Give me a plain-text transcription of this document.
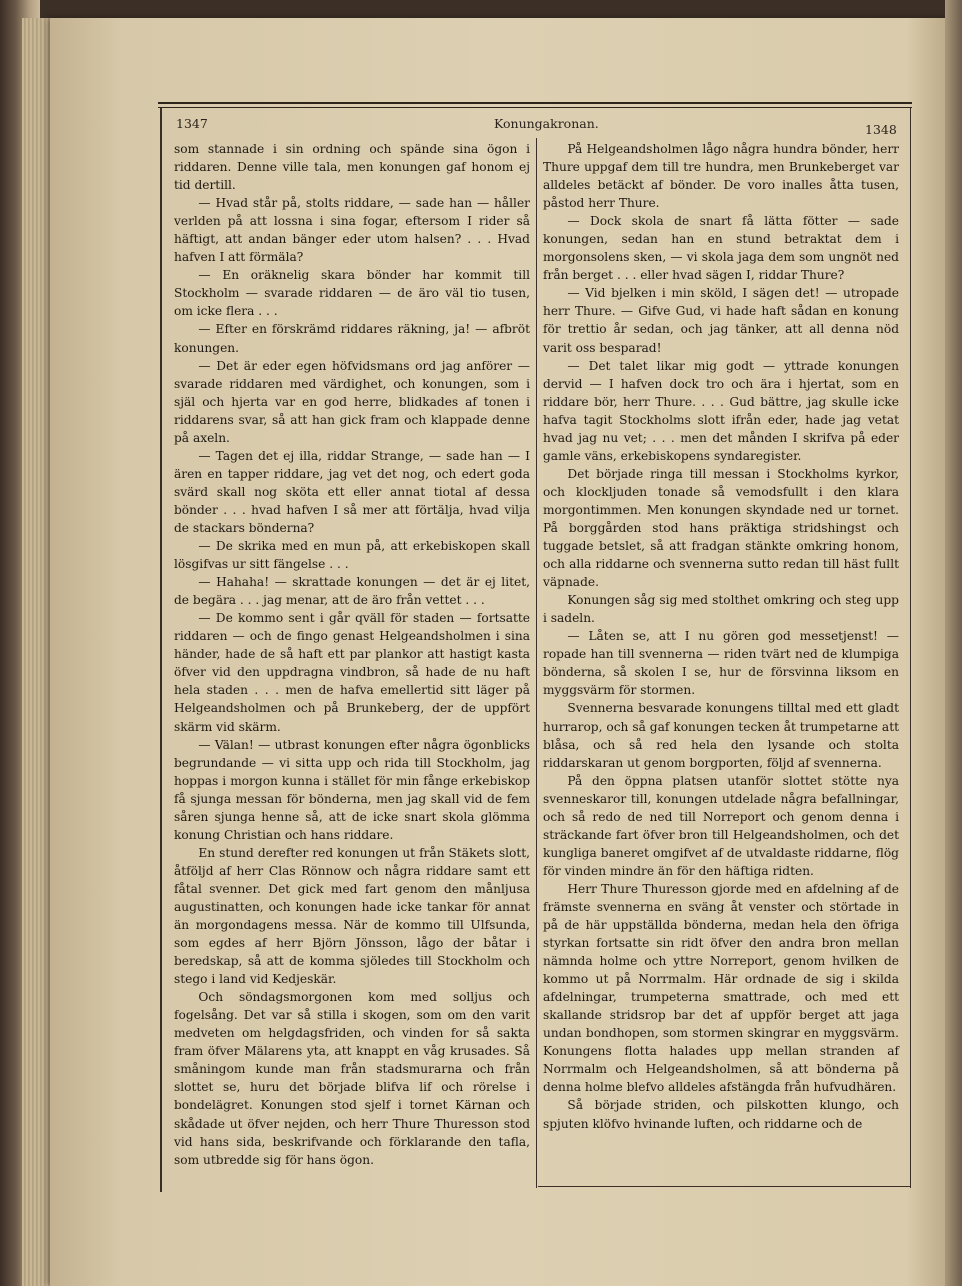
1347	Konungakronan.	1348

som stannade i sin ordning och spände sina ögon i riddaren. Denne ville tala, men konungen gaf honom ej tid dertill.

— Hvad står på, stolts riddare, — sade han — håller verlden på att lossna i sina fogar, eftersom I rider så häftigt, att andan bänger eder utom halsen? . . . Hvad hafven I att förmäla?

— En oräknelig skara bönder har kommit till Stockholm — svarade riddaren — de äro väl tio tusen, om icke flera . . .

— Efter en förskrämd riddares räkning, ja! — afbröt konungen.

— Det är eder egen höfvidsmans ord jag anförer — svarade riddaren med värdighet, och konungen, som i själ och hjerta var en god herre, blidkades af tonen i riddarens svar, så att han gick fram och klappade denne på axeln.

— Tagen det ej illa, riddar Strange, — sade han — I ären en tapper riddare, jag vet det nog, och edert goda svärd skall nog sköta ett eller annat tiotal af dessa bönder . . . hvad hafven I så mer att förtälja, hvad vilja de stackars bönderna?

— De skrika med en mun på, att erkebiskopen skall lösgifvas ur sitt fängelse . . .

— Hahaha! — skrattade konungen — det är ej litet, de begära . . . jag menar, att de äro från vettet . . .

— De kommo sent i går qväll för staden — fortsatte riddaren — och de fingo genast Helgeandsholmen i sina händer, hade de så haft ett par plankor att hastigt kasta öfver vid den uppdragna vindbron, så hade de nu haft hela staden . . . men de hafva emellertid sitt läger på Helgeandsholmen och på Brunkeberg, der de uppfört skärm vid skärm.

— Välan! — utbrast konungen efter några ögonblicks begrundande — vi sitta upp och rida till Stockholm, jag hoppas i morgon kunna i stället för min fånge erkebiskop få sjunga messan för bönderna, men jag skall vid de fem såren sjunga henne så, att de icke snart skola glömma konung Christian och hans riddare.

En stund derefter red konungen ut från Stäkets slott, åtföljd af herr Clas Rönnow och några riddare samt ett fåtal svenner. Det gick med fart genom den månljusa augustinatten, och konungen hade icke tankar för annat än morgondagens messa. När de kommo till Ulfsunda, som egdes af herr Björn Jönsson, lågo der båtar i beredskap, så att de komma sjöledes till Stockholm och stego i land vid Kedjeskär.

Och söndagsmorgonen kom med solljus och fogelsång. Det var så stilla i skogen, som om den varit medveten om helgdagsfriden, och vinden for så sakta fram öfver Mälarens yta, att knappt en våg krusades. Så småningom kunde man från stadsmurarna och från slottet se, huru det började blifva lif och rörelse i bondelägret. Konungen stod sjelf i tornet Kärnan och skådade ut öfver nejden, och herr Thure Thuresson stod vid hans sida, beskrifvande och förklarande den tafla, som utbredde sig för hans ögon.

På Helgeandsholmen lågo några hundra bönder, herr Thure uppgaf dem till tre hundra, men Brunkeberget var alldeles betäckt af bönder. De voro inalles åtta tusen, påstod herr Thure.

— Dock skola de snart få lätta fötter — sade konungen, sedan han en stund betraktat dem i morgonsolens sken, — vi skola jaga dem som ungnöt ned från berget . . . eller hvad sägen I, riddar Thure?

— Vid bjelken i min sköld, I sägen det! — utropade herr Thure. — Gifve Gud, vi hade haft sådan en konung för trettio år sedan, och jag tänker, att all denna nöd varit oss besparad!

— Det talet likar mig godt — yttrade konungen dervid — I hafven dock tro och ära i hjertat, som en riddare bör, herr Thure. . . . Gud bättre, jag skulle icke hafva tagit Stockholms slott ifrån eder, hade jag vetat hvad jag nu vet; . . . men det månden I skrifva på eder gamle väns, erkebiskopens syndaregister.

Det började ringa till messan i Stockholms kyrkor, och klockljuden tonade så vemodsfullt i den klara morgontimmen. Men konungen skyndade ned ur tornet. På borggården stod hans präktiga stridshingst och tuggade betslet, så att fradgan stänkte omkring honom, och alla riddarne och svennerna sutto redan till häst fullt väpnade.

Konungen såg sig med stolthet omkring och steg upp i sadeln.

— Låten se, att I nu gören god messetjenst! — ropade han till svennerna — riden tvärt ned de klumpiga bönderna, så skolen I se, hur de försvinna liksom en myggsvärm för stormen.

Svennerna besvarade konungens tilltal med ett gladt hurrarop, och så gaf konungen tecken åt trumpetarne att blåsa, och så red hela den lysande och stolta riddarskaran ut genom borgporten, följd af svennerna.

På den öppna platsen utanför slottet stötte nya svenneskaror till, konungen utdelade några befallningar, och så redo de ned till Norreport och genom denna i sträckande fart öfver bron till Helgeandsholmen, och det kungliga baneret omgifvet af de utvaldaste riddarne, flög för vinden mindre än för den häftiga ridten.

Herr Thure Thuresson gjorde med en afdelning af de främste svennerna en sväng åt venster och störtade in på de här uppställda bönderna, medan hela den öfriga styrkan fortsatte sin ridt öfver den andra bron mellan nämnda holme och yttre Norreport, genom hvilken de kommo ut på Norrmalm. Här ordnade de sig i skilda afdelningar, trumpeterna smattrade, och med ett skallande stridsrop bar det af uppför berget att jaga undan bondhopen, som stormen skingrar en myggsvärm. Konungens flotta halades upp mellan stranden af Norrmalm och Helgeandsholmen, så att bönderna på denna holme blefvo alldeles afstängda från hufvudhären.

Så började striden, och pilskotten klungo, och spjuten klöfvo hvinande luften, och riddarne och de
